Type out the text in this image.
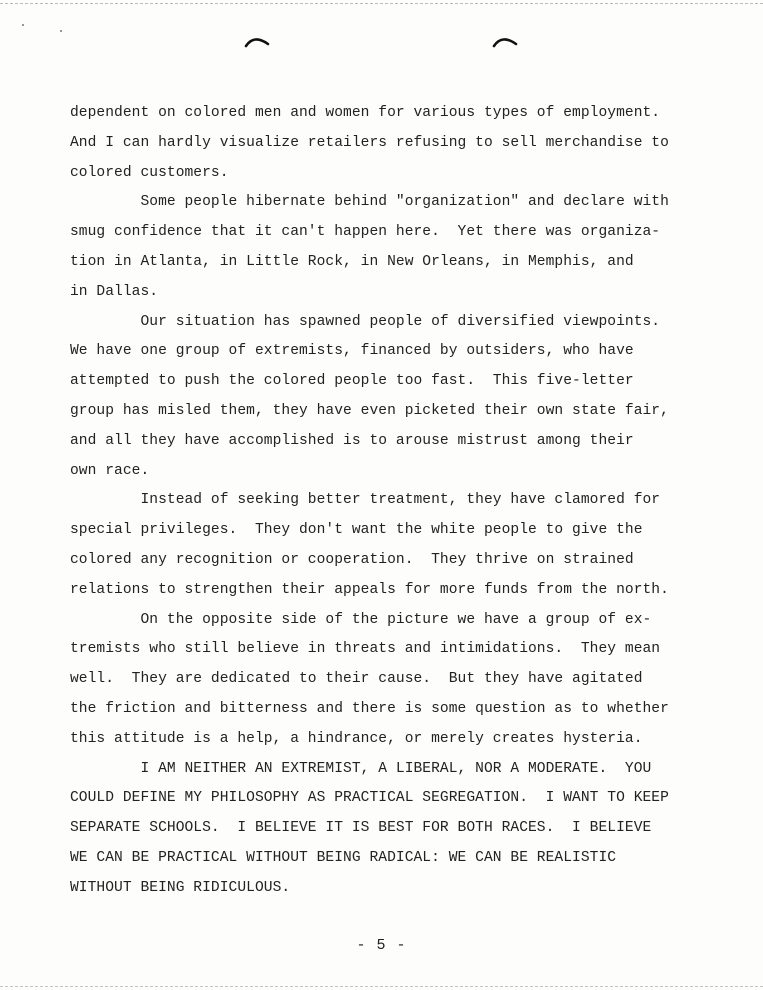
dependent on colored men and women for various types of employment.

And I can hardly visualize retailers refusing to sell merchandise to

colored customers.

Some people hibernate behind "organization" and declare with

smug confidence that it can't happen here.  Yet there was organiza-

tion in Atlanta, in Little Rock, in New Orleans, in Memphis, and

in Dallas.

Our situation has spawned people of diversified viewpoints.

We have one group of extremists, financed by outsiders, who have

attempted to push the colored people too fast.  This five-letter

group has misled them, they have even picketed their own state fair,

and all they have accomplished is to arouse mistrust among their

own race.

Instead of seeking better treatment, they have clamored for

special privileges.  They don't want the white people to give the

colored any recognition or cooperation.  They thrive on strained

relations to strengthen their appeals for more funds from the north.

On the opposite side of the picture we have a group of ex-

tremists who still believe in threats and intimidations.  They mean

well.  They are dedicated to their cause.  But they have agitated

the friction and bitterness and there is some question as to whether

this attitude is a help, a hindrance, or merely creates hysteria.

I AM NEITHER AN EXTREMIST, A LIBERAL, NOR A MODERATE.  YOU

COULD DEFINE MY PHILOSOPHY AS PRACTICAL SEGREGATION.  I WANT TO KEEP

SEPARATE SCHOOLS.  I BELIEVE IT IS BEST FOR BOTH RACES.  I BELIEVE

WE CAN BE PRACTICAL WITHOUT BEING RADICAL: WE CAN BE REALISTIC

WITHOUT BEING RIDICULOUS.

- 5 -
